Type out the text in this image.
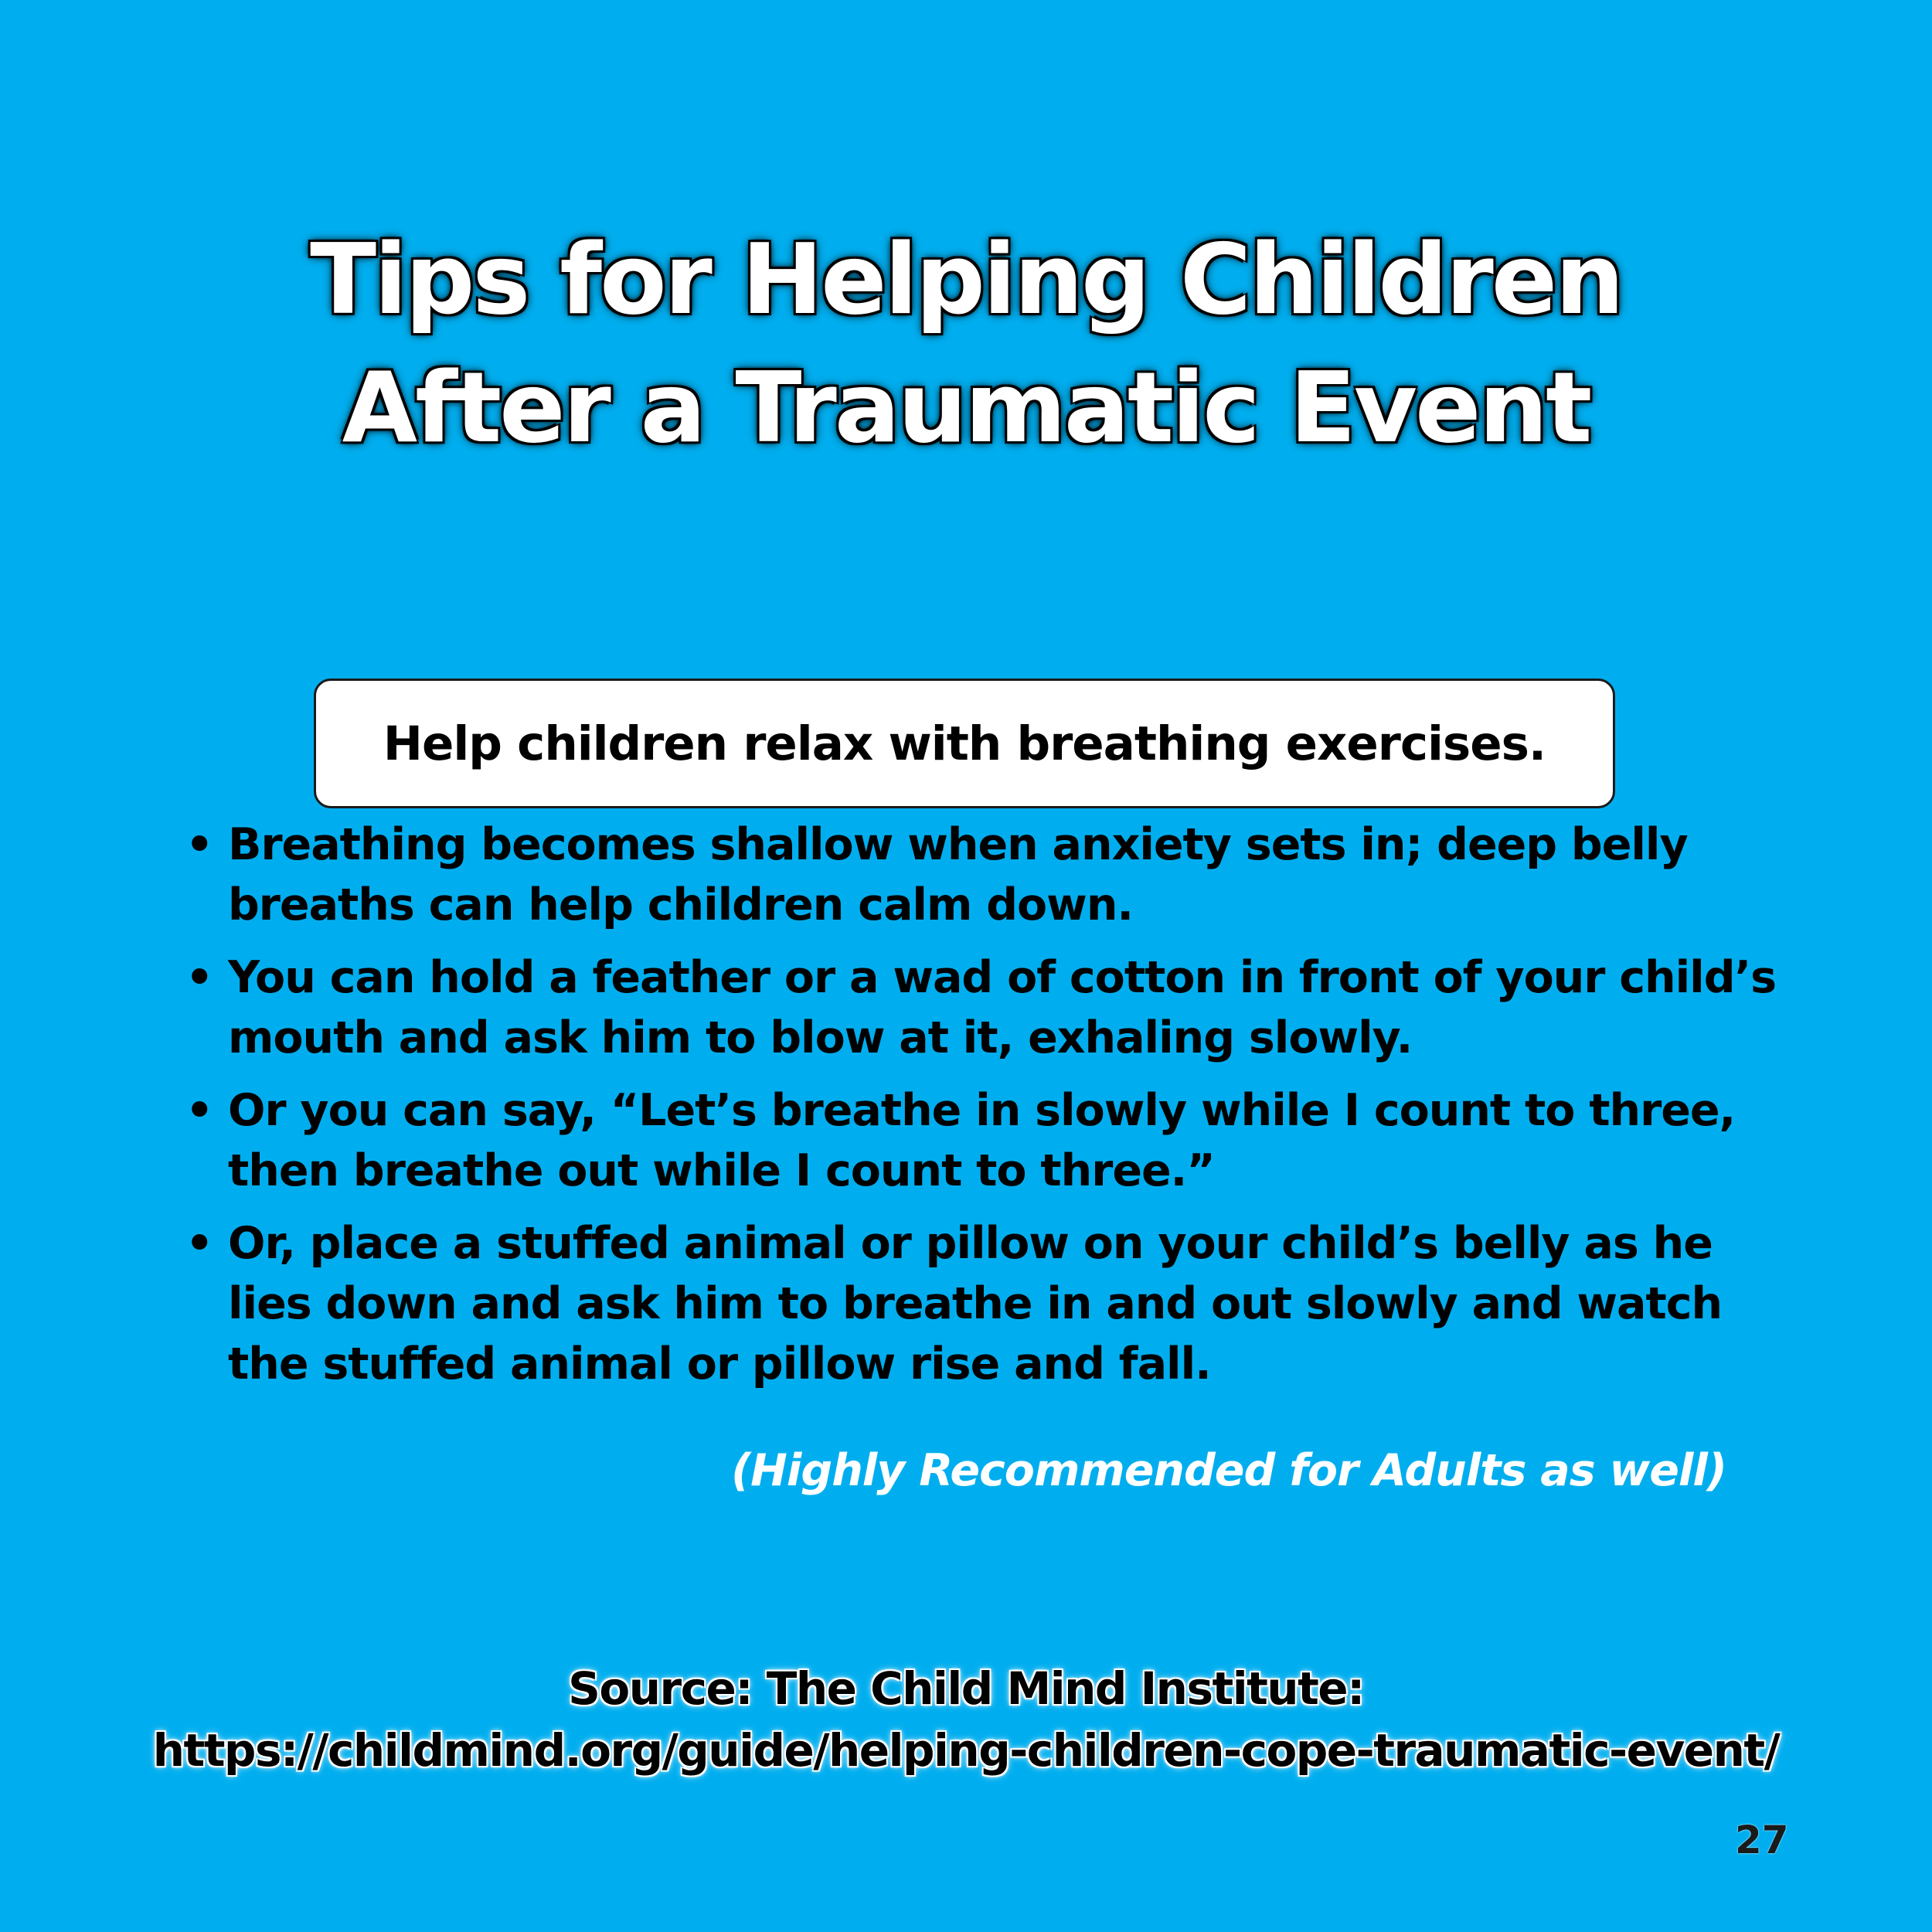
Tips for Helping Children
After a Traumatic Event
Help children relax with breathing exercises.
• Breathing becomes shallow when anxiety sets in; deep belly breaths can help children calm down.
• You can hold a feather or a wad of cotton in front of your child’s mouth and ask him to blow at it, exhaling slowly.
• Or you can say, “Let’s breathe in slowly while I count to three, then breathe out while I count to three.”
• Or, place a stuffed animal or pillow on your child’s belly as he lies down and ask him to breathe in and out slowly and watch the stuffed animal or pillow rise and fall.
(Highly Recommended for Adults as well)
Source: The Child Mind Institute:
https://childmind.org/guide/helping-children-cope-traumatic-event/
27
